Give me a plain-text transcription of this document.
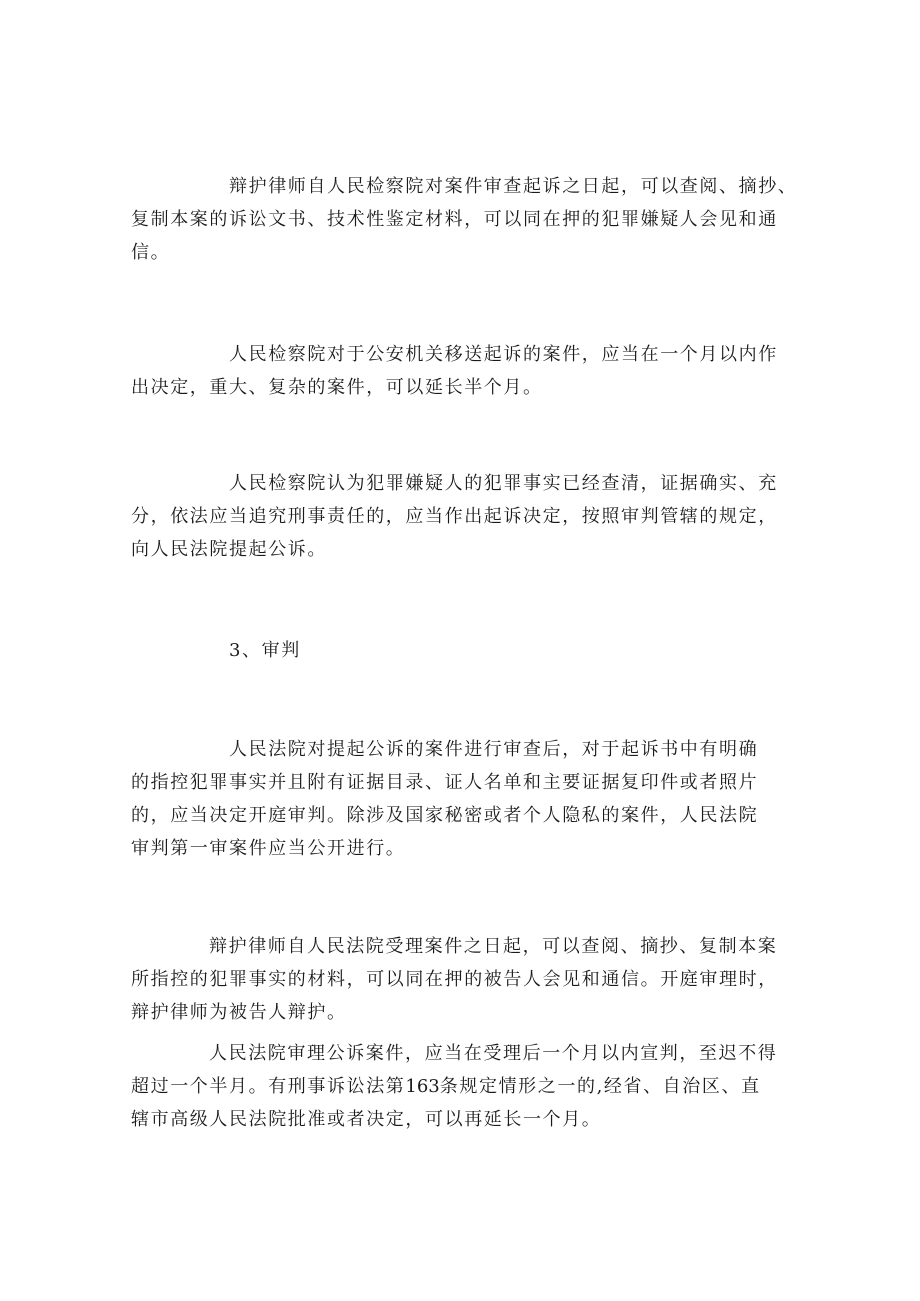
辩护律师自人民检察院对案件审查起诉之日起，可以查阅、摘抄、
复制本案的诉讼文书、技术性鉴定材料，可以同在押的犯罪嫌疑人会见和通
信。
人民检察院对于公安机关移送起诉的案件，应当在一个月以内作
出决定，重大、复杂的案件，可以延长半个月。
人民检察院认为犯罪嫌疑人的犯罪事实已经查清，证据确实、充
分，依法应当追究刑事责任的，应当作出起诉决定，按照审判管辖的规定，
向人民法院提起公诉。
3、审判
人民法院对提起公诉的案件进行审查后，对于起诉书中有明确
的指控犯罪事实并且附有证据目录、证人名单和主要证据复印件或者照片
的，应当决定开庭审判。除涉及国家秘密或者个人隐私的案件，人民法院
审判第一审案件应当公开进行。
辩护律师自人民法院受理案件之日起，可以查阅、摘抄、复制本案
所指控的犯罪事实的材料，可以同在押的被告人会见和通信。开庭审理时，
辩护律师为被告人辩护。
人民法院审理公诉案件，应当在受理后一个月以内宣判，至迟不得
超过一个半月。有刑事诉讼法第163条规定情形之一的,经省、自治区、直
辖市高级人民法院批准或者决定，可以再延长一个月。
